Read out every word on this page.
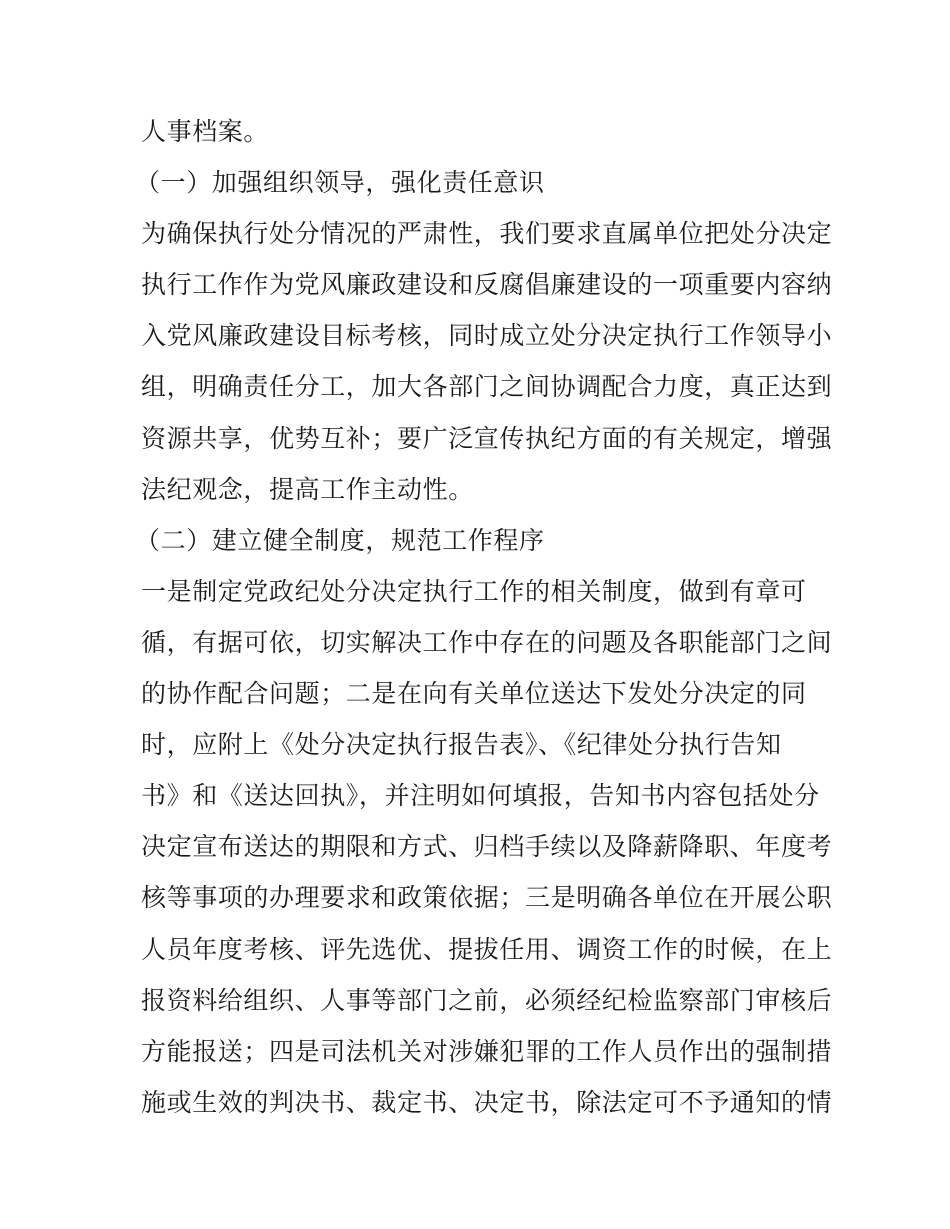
人事档案。
（一）加强组织领导，强化责任意识
为确保执行处分情况的严肃性，我们要求直属单位把处分决定
执行工作作为党风廉政建设和反腐倡廉建设的一项重要内容纳
入党风廉政建设目标考核，同时成立处分决定执行工作领导小
组，明确责任分工，加大各部门之间协调配合力度，真正达到
资源共享，优势互补；要广泛宣传执纪方面的有关规定，增强
法纪观念，提高工作主动性。
（二）建立健全制度，规范工作程序
一是制定党政纪处分决定执行工作的相关制度，做到有章可
循，有据可依，切实解决工作中存在的问题及各职能部门之间
的协作配合问题；二是在向有关单位送达下发处分决定的同
时，应附上《处分决定执行报告表》、《纪律处分执行告知
书》和《送达回执》，并注明如何填报，告知书内容包括处分
决定宣布送达的期限和方式、归档手续以及降薪降职、年度考
核等事项的办理要求和政策依据；三是明确各单位在开展公职
人员年度考核、评先选优、提拔任用、调资工作的时候，在上
报资料给组织、人事等部门之前，必须经纪检监察部门审核后
方能报送；四是司法机关对涉嫌犯罪的工作人员作出的强制措
施或生效的判决书、裁定书、决定书，除法定可不予通知的情
